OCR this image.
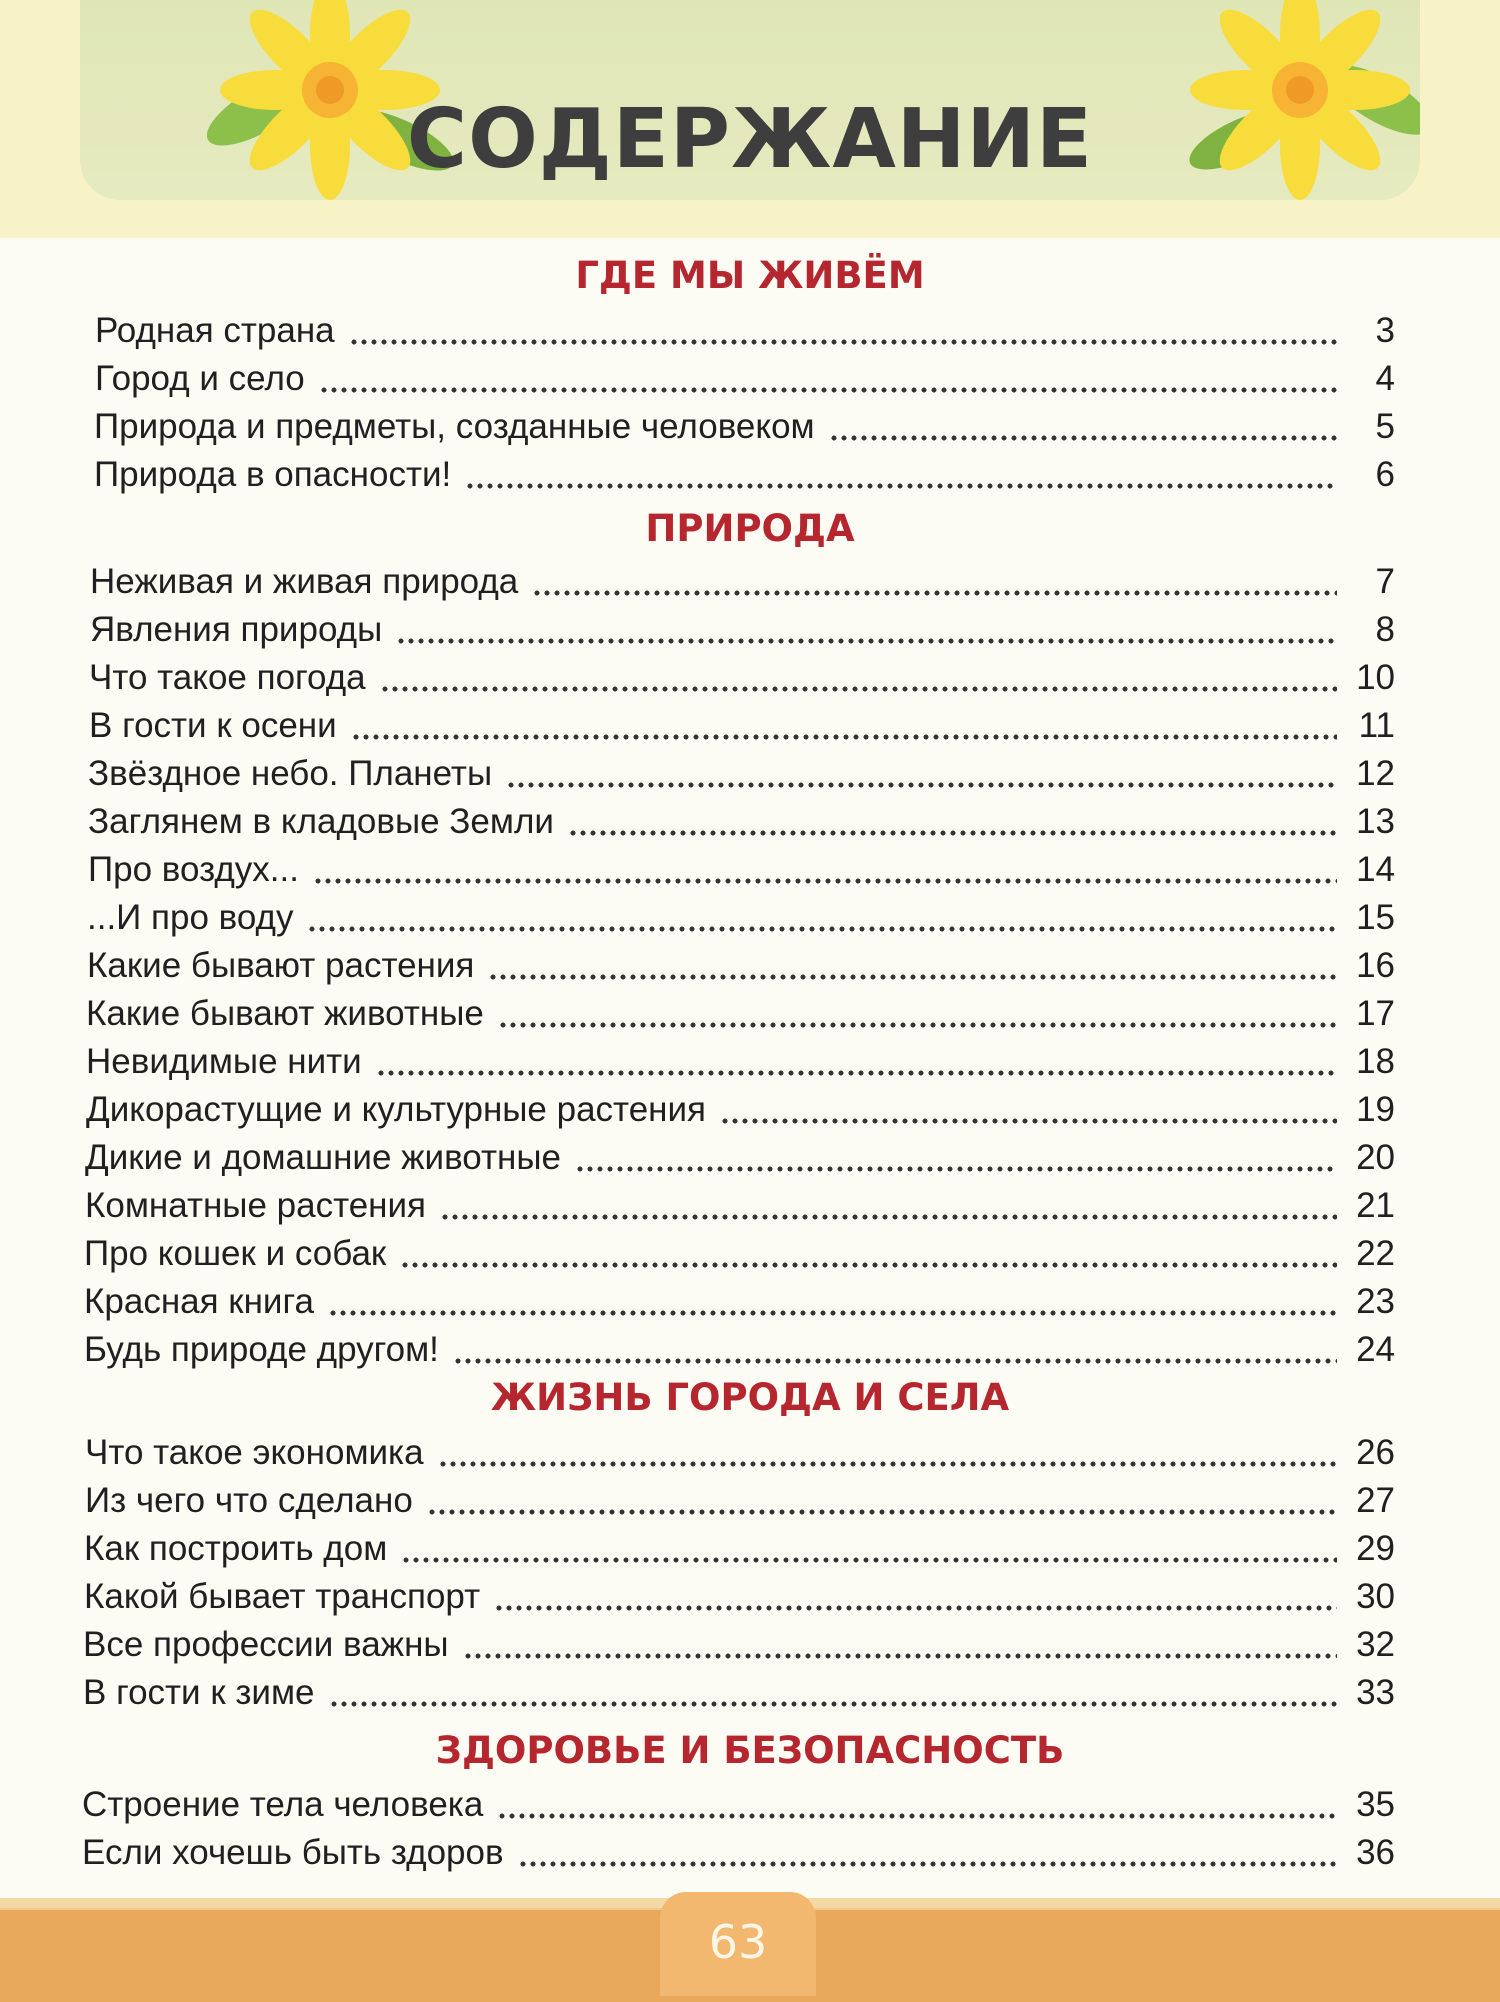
СОДЕРЖАНИЕ
ГДЕ МЫ ЖИВЁМ
Родная страна	3
Город и село	4
Природа и предметы, созданные человеком	5
Природа в опасности!	6
ПРИРОДА
Неживая и живая природа	7
Явления природы	8
Что такое погода	10
В гости к осени	11
Звёздное небо. Планеты	12
Заглянем в кладовые Земли	13
Про воздух...	14
...И про воду	15
Какие бывают растения	16
Какие бывают животные	17
Невидимые нити	18
Дикорастущие и культурные растения	19
Дикие и домашние животные	20
Комнатные растения	21
Про кошек и собак	22
Красная книга	23
Будь природе другом!	24
ЖИЗНЬ ГОРОДА И СЕЛА
Что такое экономика	26
Из чего что сделано	27
Как построить дом	29
Какой бывает транспорт	30
Все профессии важны	32
В гости к зиме	33
ЗДОРОВЬЕ И БЕЗОПАСНОСТЬ
Строение тела человека	35
Если хочешь быть здоров	36
63
